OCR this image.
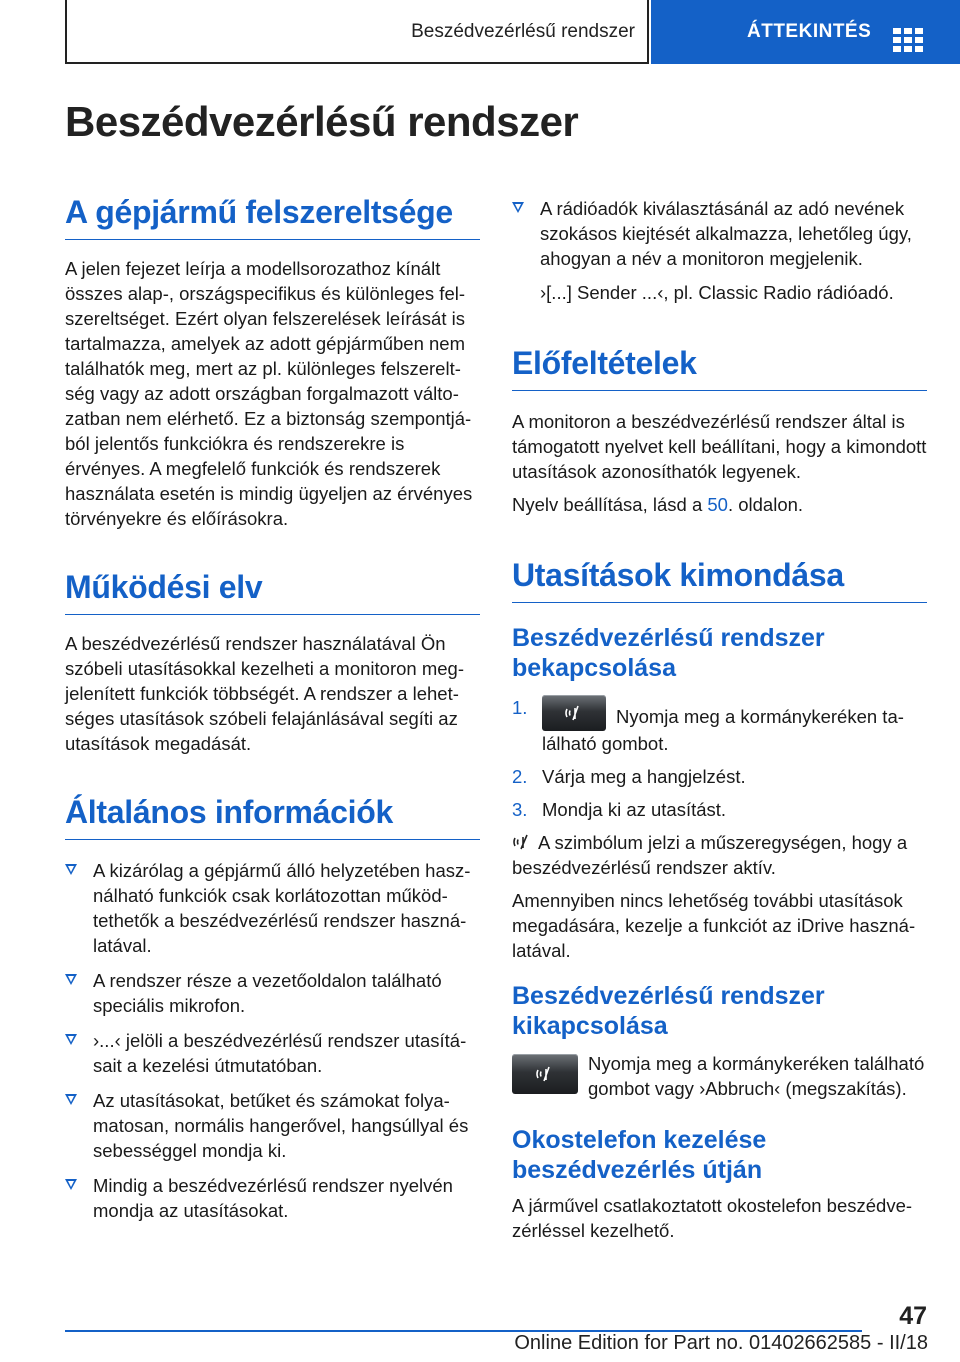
Beszédvezérlésű rendszer	ÁTTEKINTÉS
Beszédvezérlésű rendszer
A gépjármű felszereltsége

A jelen fejezet leírja a modellsorozathoz kínált összes alap-, országspecifikus és különleges felszereltséget. Ezért olyan felszerelések leírását is tartalmazza, amelyek az adott gépjárműben nem találhatók meg, mert az pl. különleges felszereltség vagy az adott országban forgalmazott változatban nem elérhető. Ez a biztonság szempontjából jelentős funkciókra és rendszerekre is érvényes. A megfelelő funkciók és rendszerek használata esetén is mindig ügyeljen az érvényes törvényekre és előírásokra.

Működési elv

A beszédvezérlésű rendszer használatával Ön szóbeli utasításokkal kezelheti a monitoron megjelenített funkciók többségét. A rendszer a lehetséges utasítások szóbeli felajánlásával segíti az utasítások megadását.

Általános információk
A kizárólag a gépjármű álló helyzetében használható funkciók csak korlátozottan működtethetők a beszédvezérlésű rendszer használatával.
A rendszer része a vezetőoldalon található speciális mikrofon.
›...‹ jelöli a beszédvezérlésű rendszer utasításait a kezelési útmutatóban.
Az utasításokat, betűket és számokat folyamatosan, normális hangerővel, hangsúllyal és sebességgel mondja ki.
Mindig a beszédvezérlésű rendszer nyelvén mondja az utasításokat.
A rádióadók kiválasztásánál az adó nevének szokásos kiejtését alkalmazza, lehetőleg úgy, ahogyan a név a monitoron megjelenik.

›[...] Sender ...‹, pl. Classic Radio rádióadó.

Előfeltételek

A monitoron a beszédvezérlésű rendszer által is támogatott nyelvet kell beállítani, hogy a kimondott utasítások azonosíthatók legyenek.

Nyelv beállítása, lásd a 50. oldalon.

Utasítások kimondása
Beszédvezérlésű rendszer bekapcsolása
1.	Nyomja meg a kormánykeréken található gombot.
2. Várja meg a hangjelzést.
3. Mondja ki az utasítást.

A szimbólum jelzi a műszeregységen, hogy a beszédvezérlésű rendszer aktív.

Amennyiben nincs lehetőség további utasítások megadására, kezelje a funkciót az iDrive használatával.

Beszédvezérlésű rendszer kikapcsolása

Nyomja meg a kormánykeréken található gombot vagy ›Abbruch‹ (megszakítás).

Okostelefon kezelése beszédvezérlés útján

A járművel csatlakoztatott okostelefon beszédvezérléssel kezelhető.

47
Online Edition for Part no. 01402662585 - II/18
